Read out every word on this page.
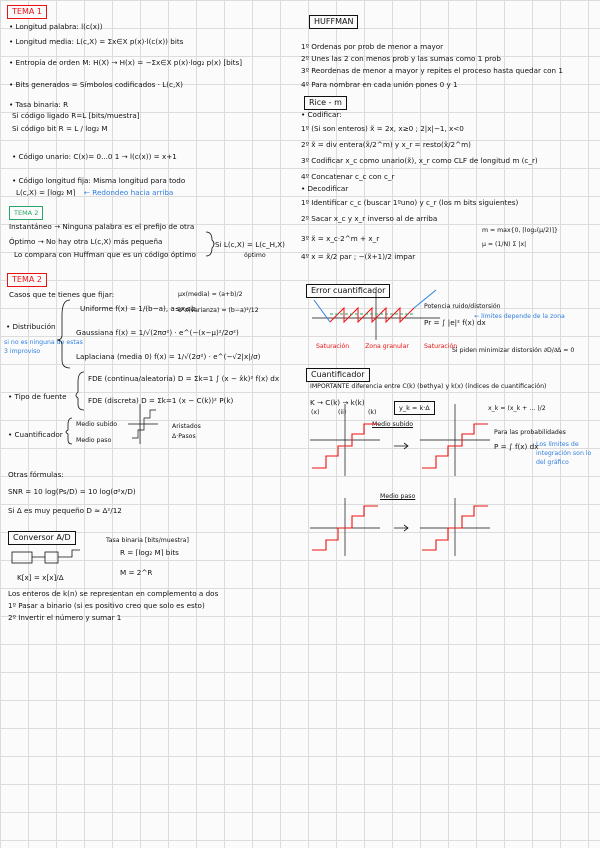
TEMA 1
• Longitud palabra: l(c(x))
• Longitud media: L(c,X) = Σx∈X p(x)·l(c(x)) bits
• Entropía de orden M: H(X) → H(x) = −Σx∈X p(x)·log₂ p(x) [bits]
• Bits generados = Símbolos codificados · L(c,X)
• Tasa binaria: R
Si código ligado R=L [bits/muestra]
Si código bit R = L / log₂ M
• Código unario: C(x)= 0...0 1 → l(c(x)) = x+1
• Código longitud fija: Misma longitud para todo
L(c,X) = ⌈log₂ M⌉ ← Redondeo hacia arriba
TEMA 2
Instantáneo → Ninguna palabra es el prefijo de otra
Óptimo → No hay otra L(c,X) más pequeña
Lo compara con Huffman que es un código óptimo
Si L(c,X) = L(c_H,X)
óptimo
TEMA 2
Casos que te tienes que fijar:
• Distribución
si no es ninguna de estas 3 improviso
Uniforme f(x) = 1/(b−a), a≤x≤b
Gaussiana f(x) = 1/√(2πσ²) · e^(−(x−μ)²/2σ²)
Laplaciana (media 0) f(x) = 1/√(2σ²) · e^(−√2|x|/σ)
μx(media) = (a+b)/2
σ²x(varianza) = (b−a)²/12
• Tipo de fuente
FDE (continua/aleatoria) D = Σk=1 ∫ (x − x̂k)² f(x) dx
FDE (discreta) D = Σk=1 (x − C(k))² P(k)
• Cuantificador
Medio subido
Medio paso
Aristados
Δ·Pasos
Otras fórmulas:
SNR = 10 log(Ps/D) = 10 log(σ²x/D)
Si Δ es muy pequeño D ≈ Δ²/12
Conversor A/D
K[x] = x[x]/Δ
Tasa binaria [bits/muestra]
R = ⌈log₂ M⌉ bits
M = 2^R
Los enteros de k(n) se representan en complemento a dos
1º Pasar a binario (si es positivo creo que solo es esto)
2º Invertir el número y sumar 1
HUFFMAN
1º Ordenas por prob de menor a mayor
2º Unes las 2 con menos prob y las sumas como 1 prob
3º Reordenas de menor a mayor y repites el proceso hasta quedar con 1
4º Para nombrar en cada unión pones 0 y 1
Rice - m
• Codificar:
1º (Si son enteros) x̃ = 2x, x≥0 ; 2|x|−1, x<0
2º x̃ = div entera(x̃/2^m) y x_r = resto(x̃/2^m)
3º Codificar x_c como unario(x̃), x_r como CLF de longitud m (c_r)
4º Concatenar c_c con c_r
• Decodificar
1º Identificar c_c (buscar 1ºuno) y c_r (los m bits siguientes)
2º Sacar x_c y x_r inverso al de arriba
3º x̃ = x_c·2^m + x_r
4º x = x̃/2 par ; −(x̃+1)/2 impar
m = max{0, ⌈log₂(μ/2)⌉}
μ = (1/N) Σ |x|
Error cuantificador
Potencia ruido/distorsión
Pr = ∫ |e|² f(x) dx
← límites depende de la zona
Saturación	Zona granular	Saturación
Si piden minimizar distorsión ∂D/∂Δ = 0
Cuantificador
IMPORTANTE diferencia entre C(k) (bethya) y k(x) (índices de cuantificación)
K → C(k) → k(k)
(x)	(ii)	(k)
y_k = k·Δ	x_k = (x_k + ... )/2
Medio subido
Medio paso
Para las probabilidades
P = ∫ f(x) dx
Los límites de integración son lo del gráfico
